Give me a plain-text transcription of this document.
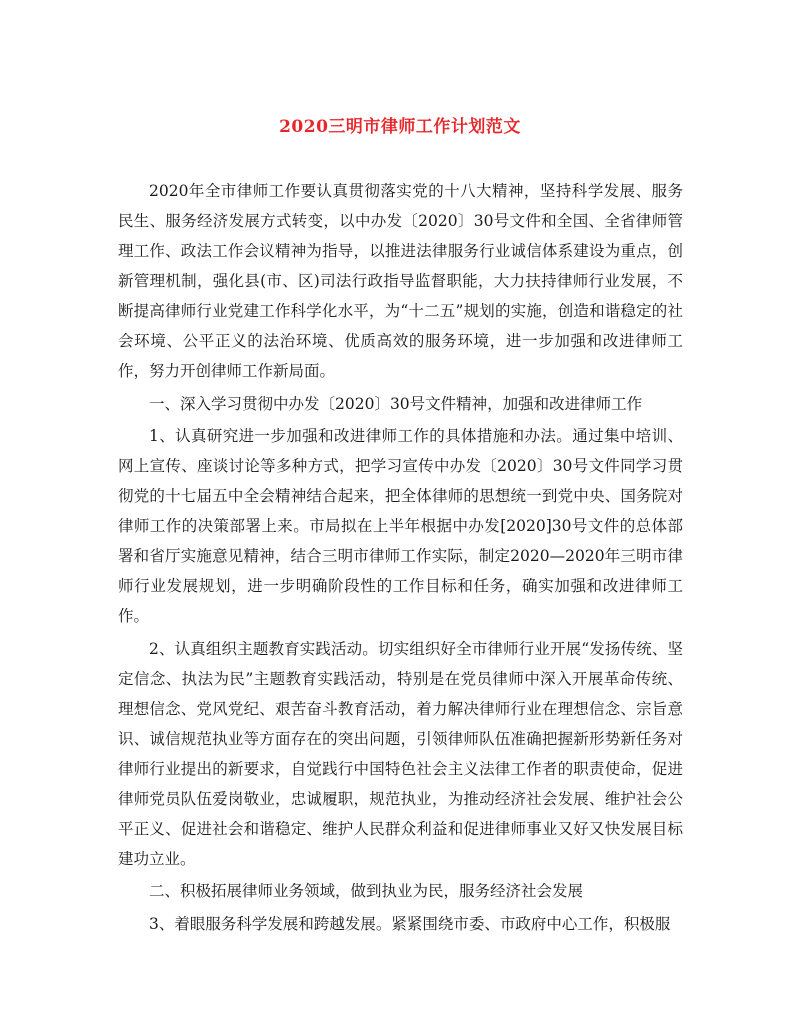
2020三明市律师工作计划范文

2020年全市律师工作要认真贯彻落实党的十八大精神，坚持科学发展、服务民生、服务经济发展方式转变，以中办发〔2020〕30号文件和全国、全省律师管理工作、政法工作会议精神为指导，以推进法律服务行业诚信体系建设为重点，创新管理机制，强化县(市、区)司法行政指导监督职能，大力扶持律师行业发展，不断提高律师行业党建工作科学化水平，为“十二五”规划的实施，创造和谐稳定的社会环境、公平正义的法治环境、优质高效的服务环境，进一步加强和改进律师工作，努力开创律师工作新局面。

一、深入学习贯彻中办发〔2020〕30号文件精神，加强和改进律师工作

1、认真研究进一步加强和改进律师工作的具体措施和办法。通过集中培训、网上宣传、座谈讨论等多种方式，把学习宣传中办发〔2020〕30号文件同学习贯彻党的十七届五中全会精神结合起来，把全体律师的思想统一到党中央、国务院对律师工作的决策部署上来。市局拟在上半年根据中办发[2020]30号文件的总体部署和省厅实施意见精神，结合三明市律师工作实际，制定2020—2020年三明市律师行业发展规划，进一步明确阶段性的工作目标和任务，确实加强和改进律师工作。

2、认真组织主题教育实践活动。切实组织好全市律师行业开展“发扬传统、坚定信念、执法为民”主题教育实践活动，特别是在党员律师中深入开展革命传统、理想信念、党风党纪、艰苦奋斗教育活动，着力解决律师行业在理想信念、宗旨意识、诚信规范执业等方面存在的突出问题，引领律师队伍准确把握新形势新任务对律师行业提出的新要求，自觉践行中国特色社会主义法律工作者的职责使命，促进律师党员队伍爱岗敬业，忠诚履职，规范执业，为推动经济社会发展、维护社会公平正义、促进社会和谐稳定、维护人民群众利益和促进律师事业又好又快发展目标建功立业。

二、积极拓展律师业务领域，做到执业为民，服务经济社会发展

3、着眼服务科学发展和跨越发展。紧紧围绕市委、市政府中心工作，积极服
